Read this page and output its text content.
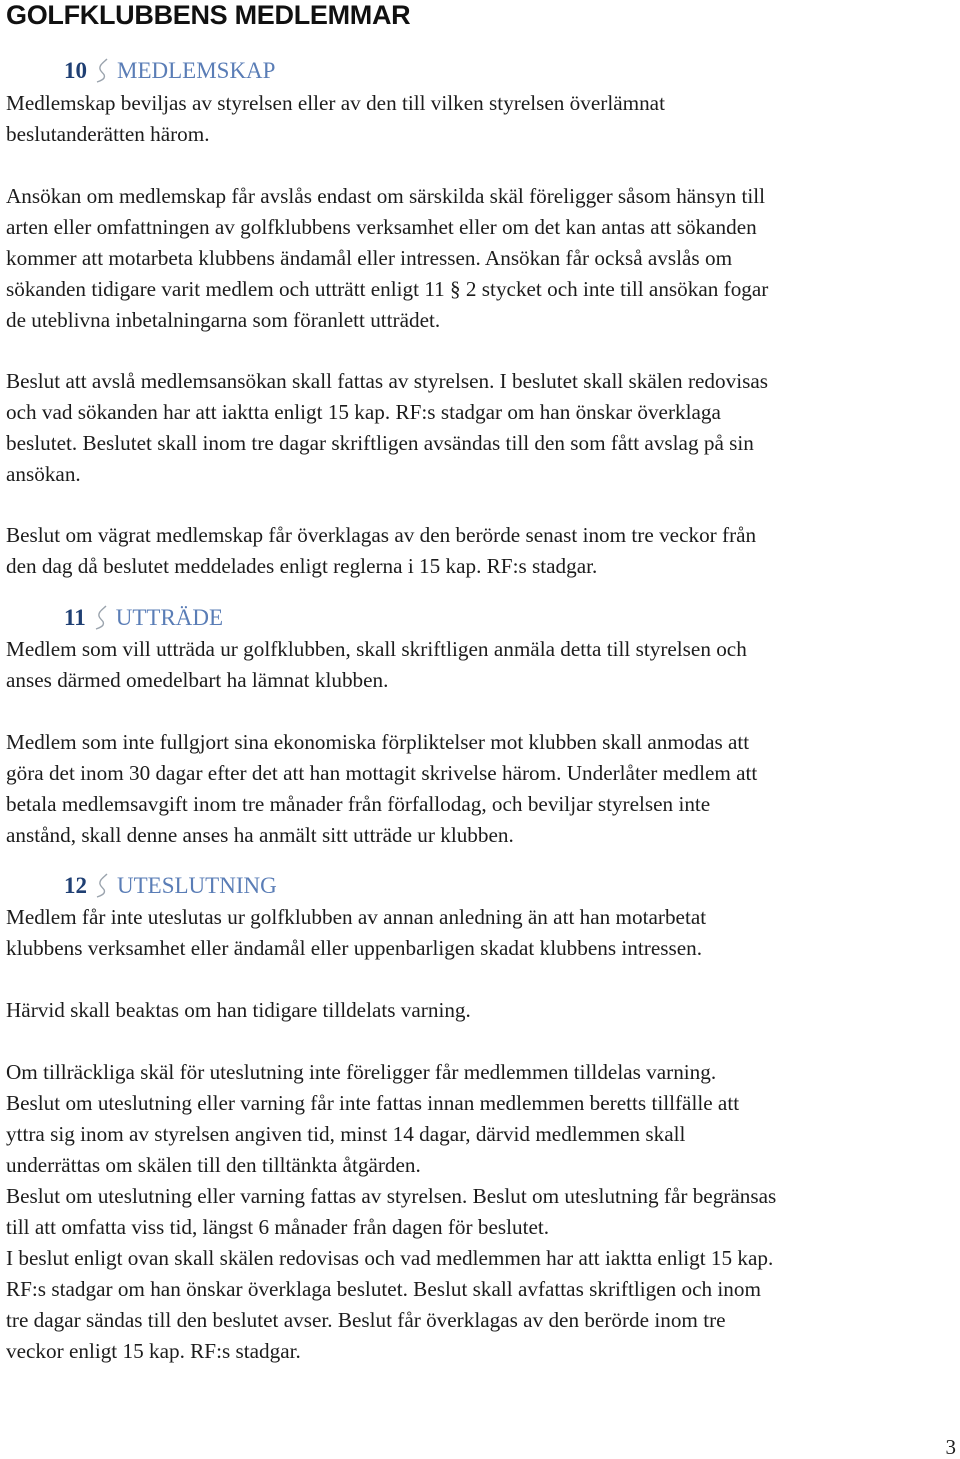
GOLFKLUBBENS MEDLEMMAR
10 MEDLEMSKAP

Medlemskap beviljas av styrelsen eller av den till vilken styrelsen överlämnat
beslutanderätten härom.

Ansökan om medlemskap får avslås endast om särskilda skäl föreligger såsom hänsyn till
arten eller omfattningen av golfklubbens verksamhet eller om det kan antas att sökanden
kommer att motarbeta klubbens ändamål eller intressen. Ansökan får också avslås om
sökanden tidigare varit medlem och utträtt enligt 11 § 2 stycket och inte till ansökan fogar
de uteblivna inbetalningarna som föranlett utträdet.

Beslut att avslå medlemsansökan skall fattas av styrelsen. I beslutet skall skälen redovisas
och vad sökanden har att iaktta enligt 15 kap. RF:s stadgar om han önskar överklaga
beslutet. Beslutet skall inom tre dagar skriftligen avsändas till den som fått avslag på sin
ansökan.

Beslut om vägrat medlemskap får överklagas av den berörde senast inom tre veckor från
den dag då beslutet meddelades enligt reglerna i 15 kap. RF:s stadgar.

11 UTTRÄDE

Medlem som vill utträda ur golfklubben, skall skriftligen anmäla detta till styrelsen och
anses därmed omedelbart ha lämnat klubben.

Medlem som inte fullgjort sina ekonomiska förpliktelser mot klubben skall anmodas att
göra det inom 30 dagar efter det att han mottagit skrivelse härom. Underlåter medlem att
betala medlemsavgift inom tre månader från förfallodag, och beviljar styrelsen inte
anstånd, skall denne anses ha anmält sitt utträde ur klubben.

12 UTESLUTNING

Medlem får inte uteslutas ur golfklubben av annan anledning än att han motarbetat
klubbens verksamhet eller ändamål eller uppenbarligen skadat klubbens intressen.

Härvid skall beaktas om han tidigare tilldelats varning.

Om tillräckliga skäl för uteslutning inte föreligger får medlemmen tilldelas varning.
Beslut om uteslutning eller varning får inte fattas innan medlemmen beretts tillfälle att
yttra sig inom av styrelsen angiven tid, minst 14 dagar, därvid medlemmen skall
underrättas om skälen till den tilltänkta åtgärden.
Beslut om uteslutning eller varning fattas av styrelsen. Beslut om uteslutning får begränsas
till att omfatta viss tid, längst 6 månader från dagen för beslutet.
I beslut enligt ovan skall skälen redovisas och vad medlemmen har att iaktta enligt 15 kap.
RF:s stadgar om han önskar överklaga beslutet. Beslut skall avfattas skriftligen och inom
tre dagar sändas till den beslutet avser. Beslut får överklagas av den berörde inom tre
veckor enligt 15 kap. RF:s stadgar.

3
